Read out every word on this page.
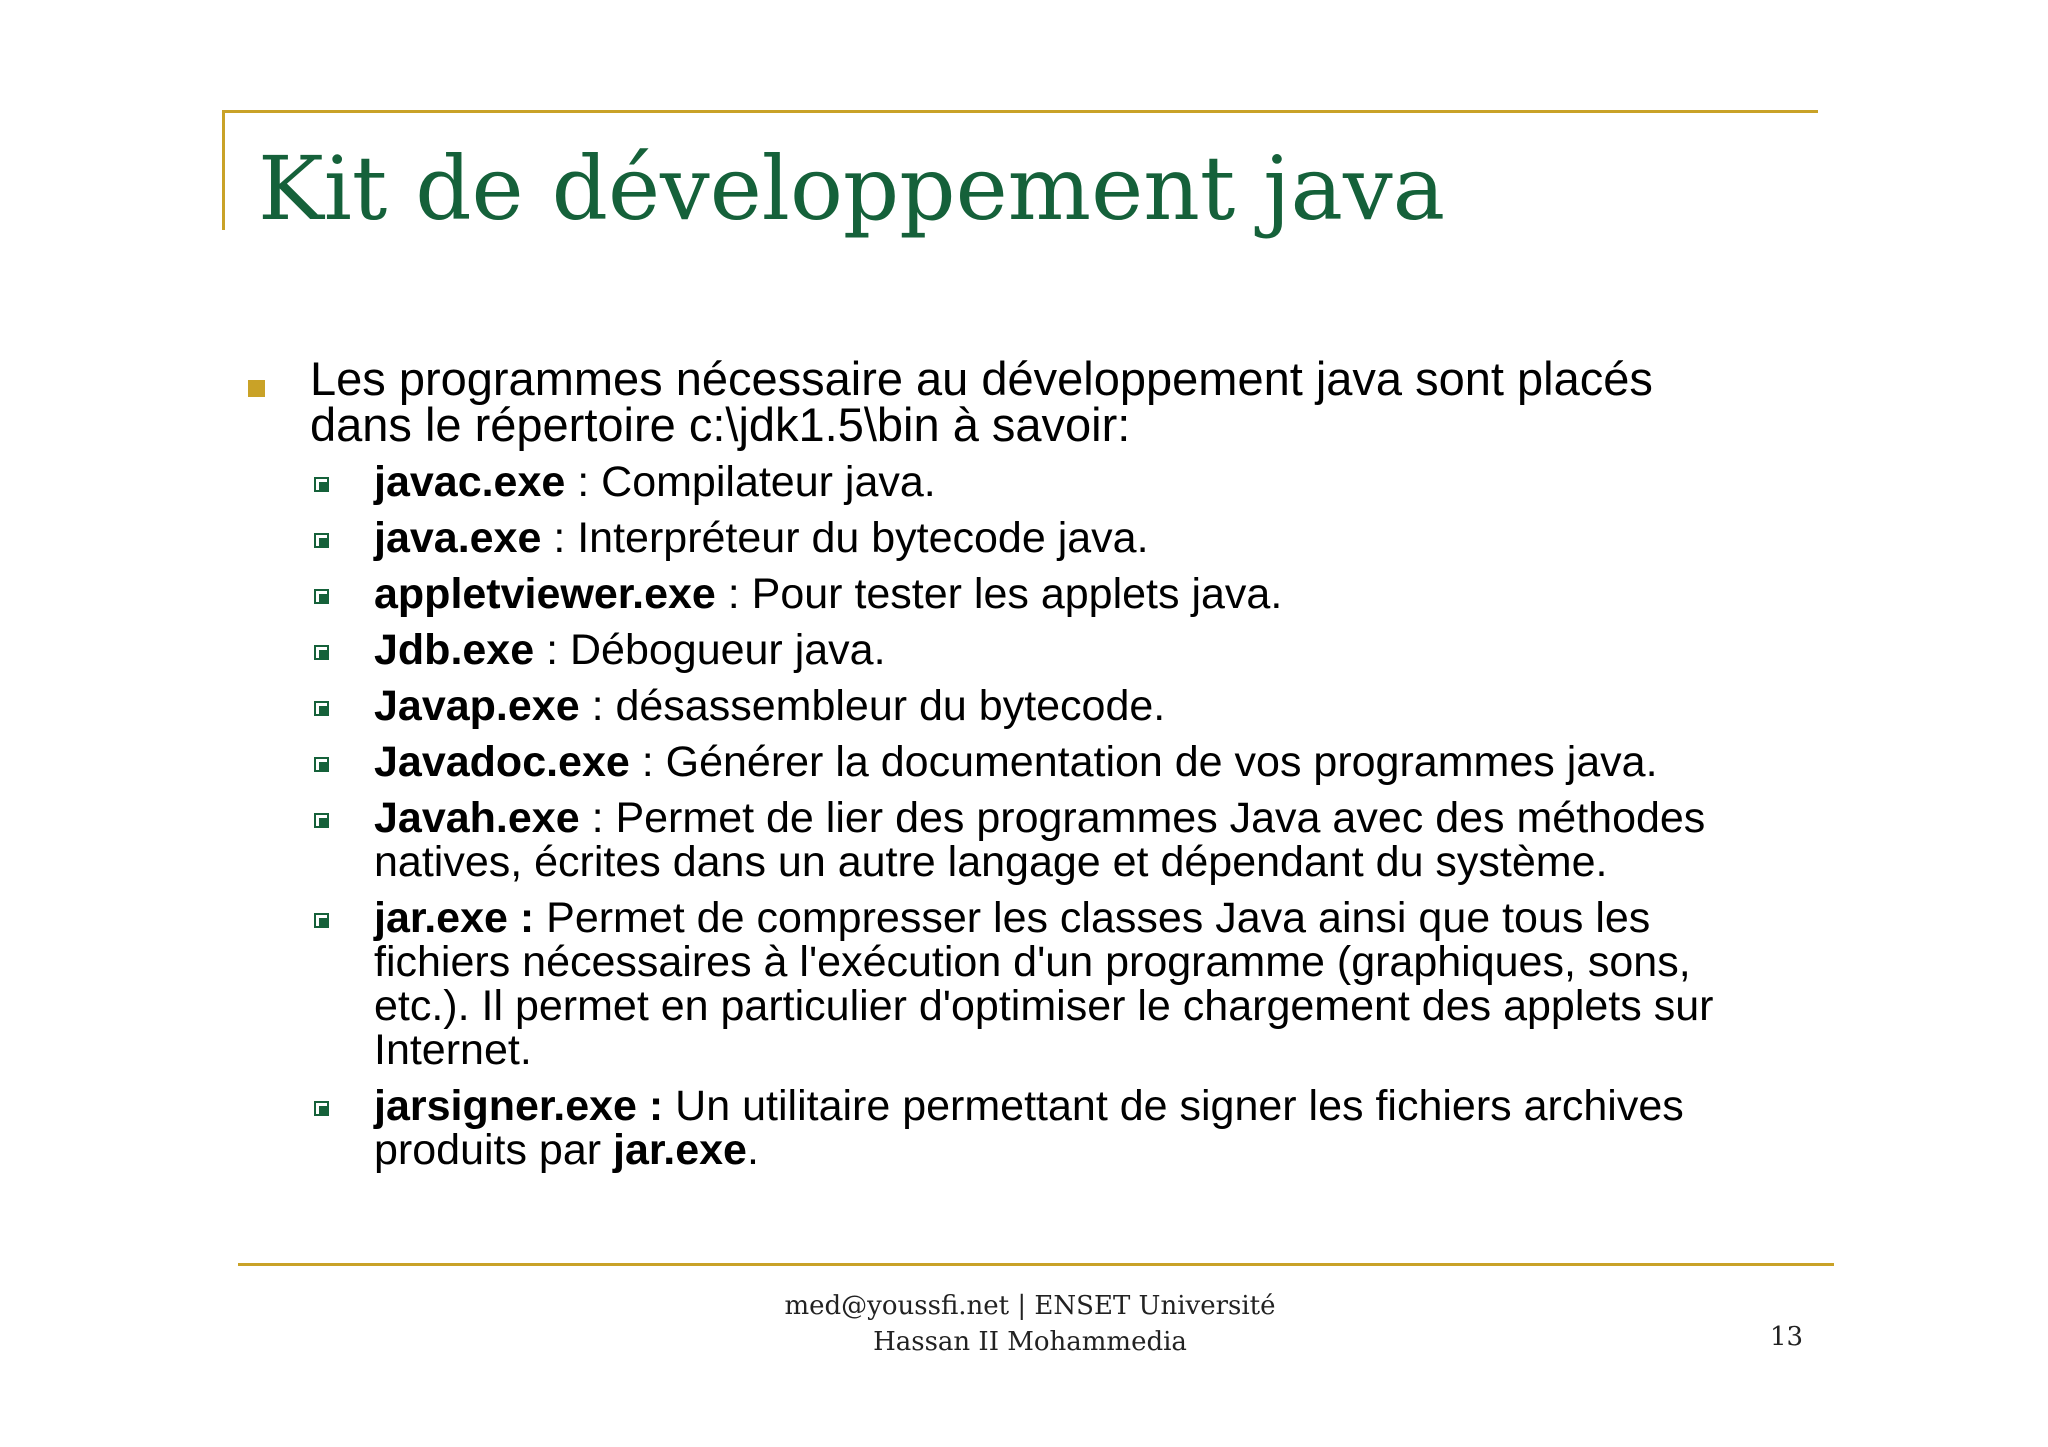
Kit de développement java
Les programmes nécessaire au développement java sont placés dans le répertoire c:\jdk1.5\bin à savoir:
javac.exe : Compilateur java.
java.exe : Interpréteur du bytecode java.
appletviewer.exe : Pour tester les applets java.
Jdb.exe : Débogueur java.
Javap.exe : désassembleur du bytecode.
Javadoc.exe : Générer la documentation de vos programmes java.
Javah.exe : Permet de lier des programmes Java avec des méthodes natives, écrites dans un autre langage et dépendant du système.
jar.exe : Permet de compresser les classes Java ainsi que tous les fichiers nécessaires à l'exécution d'un programme (graphiques, sons, etc.). Il permet en particulier d'optimiser le chargement des applets sur Internet.
jarsigner.exe : Un utilitaire permettant de signer les fichiers archives produits par jar.exe.
med@youssfi.net | ENSET Université
Hassan II Mohammedia	13
